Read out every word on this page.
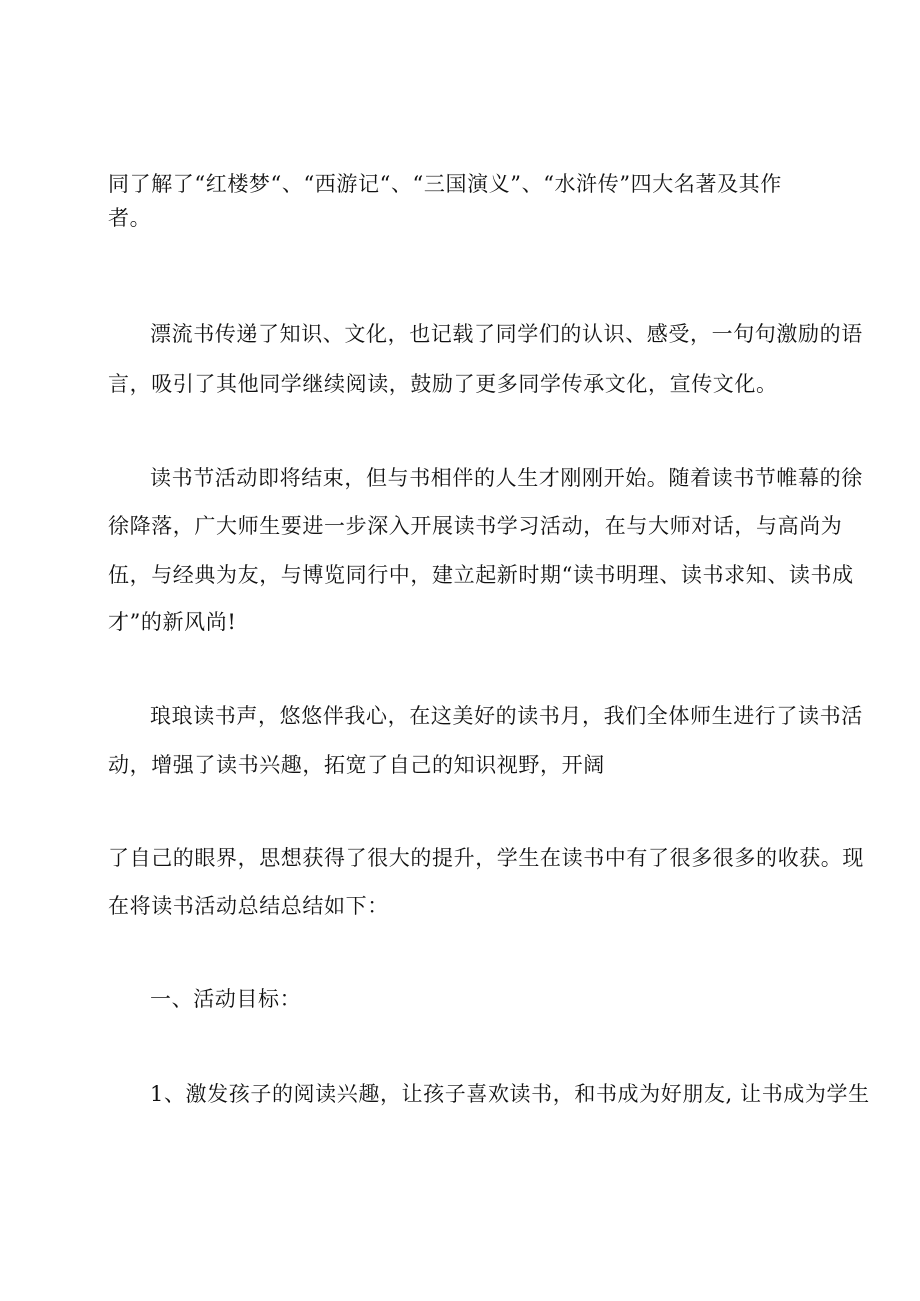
同了解了“红楼梦“、“西游记“、“三国演义”、“水浒传”四大名著及其作
者。
漂流书传递了知识、文化，也记载了同学们的认识、感受，一句句激励的语
言，吸引了其他同学继续阅读，鼓励了更多同学传承文化，宣传文化。
读书节活动即将结束，但与书相伴的人生才刚刚开始。随着读书节帷幕的徐
徐降落，广大师生要进一步深入开展读书学习活动，在与大师对话，与高尚为
伍，与经典为友，与博览同行中，建立起新时期“读书明理、读书求知、读书成
才”的新风尚!
琅琅读书声，悠悠伴我心，在这美好的读书月，我们全体师生进行了读书活
动，增强了读书兴趣，拓宽了自己的知识视野，开阔
了自己的眼界，思想获得了很大的提升，学生在读书中有了很多很多的收获。现
在将读书活动总结总结如下：
一、活动目标：
1、激发孩子的阅读兴趣，让孩子喜欢读书，和书成为好朋友, 让书成为学生
